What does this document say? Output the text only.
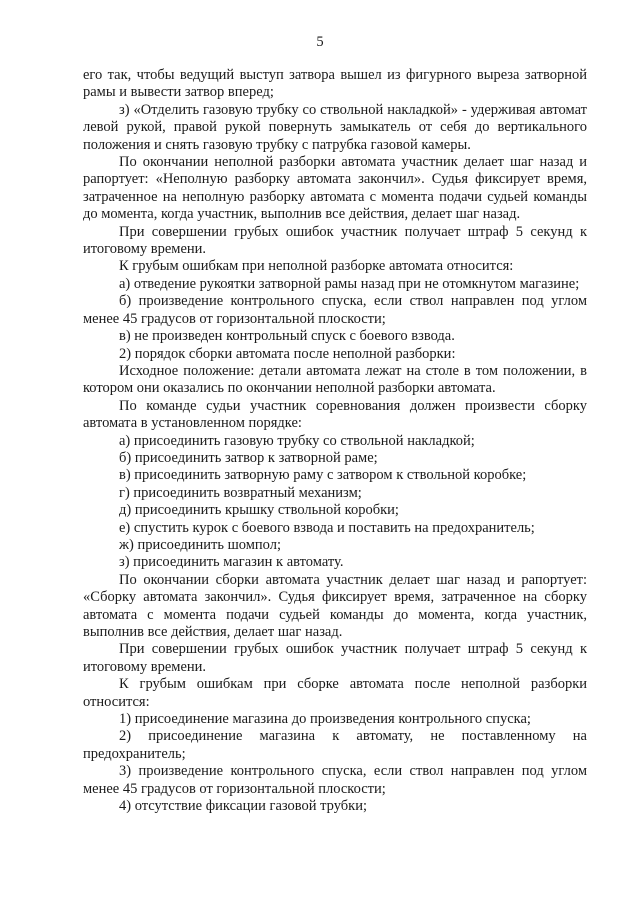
5

его так, чтобы ведущий выступ затвора вышел из фигурного выреза затворной рамы и вывести затвор вперед;

з) «Отделить газовую трубку со ствольной накладкой» - удерживая автомат левой рукой, правой рукой повернуть замыкатель от себя до вертикального положения и снять газовую трубку с патрубка газовой камеры.

По окончании неполной разборки автомата участник делает шаг назад и рапортует: «Неполную разборку автомата закончил». Судья фиксирует время, затраченное на неполную разборку автомата с момента подачи судьей команды до момента, когда участник, выполнив все действия, делает шаг назад.

При совершении грубых ошибок участник получает штраф 5 секунд к итоговому времени.

К грубым ошибкам при неполной разборке автомата относится:

а) отведение рукоятки затворной рамы назад при не отомкнутом магазине;

б) произведение контрольного спуска, если ствол направлен под углом менее 45 градусов от горизонтальной плоскости;

в) не произведен контрольный спуск с боевого взвода.

2) порядок сборки автомата после неполной разборки:

Исходное положение: детали автомата лежат на столе в том положении, в котором они оказались по окончании неполной разборки автомата.

По команде судьи участник соревнования должен произвести сборку автомата в установленном порядке:

а) присоединить газовую трубку со ствольной накладкой;

б) присоединить затвор к затворной раме;

в) присоединить затворную раму с затвором к ствольной коробке;

г) присоединить возвратный механизм;

д) присоединить крышку ствольной коробки;

е) спустить курок с боевого взвода и поставить на предохранитель;

ж) присоединить шомпол;

з) присоединить магазин к автомату.

По окончании сборки автомата участник делает шаг назад и рапортует: «Сборку автомата закончил». Судья фиксирует время, затраченное на сборку автомата с момента подачи судьей команды до момента, когда участник, выполнив все действия, делает шаг назад.

При совершении грубых ошибок участник получает штраф 5 секунд к итоговому времени.

К грубым ошибкам при сборке автомата после неполной разборки относится:

1) присоединение магазина до произведения контрольного спуска;

2) присоединение магазина к автомату, не поставленному на предохранитель;

3) произведение контрольного спуска, если ствол направлен под углом менее 45 градусов от горизонтальной плоскости;

4) отсутствие фиксации газовой трубки;
